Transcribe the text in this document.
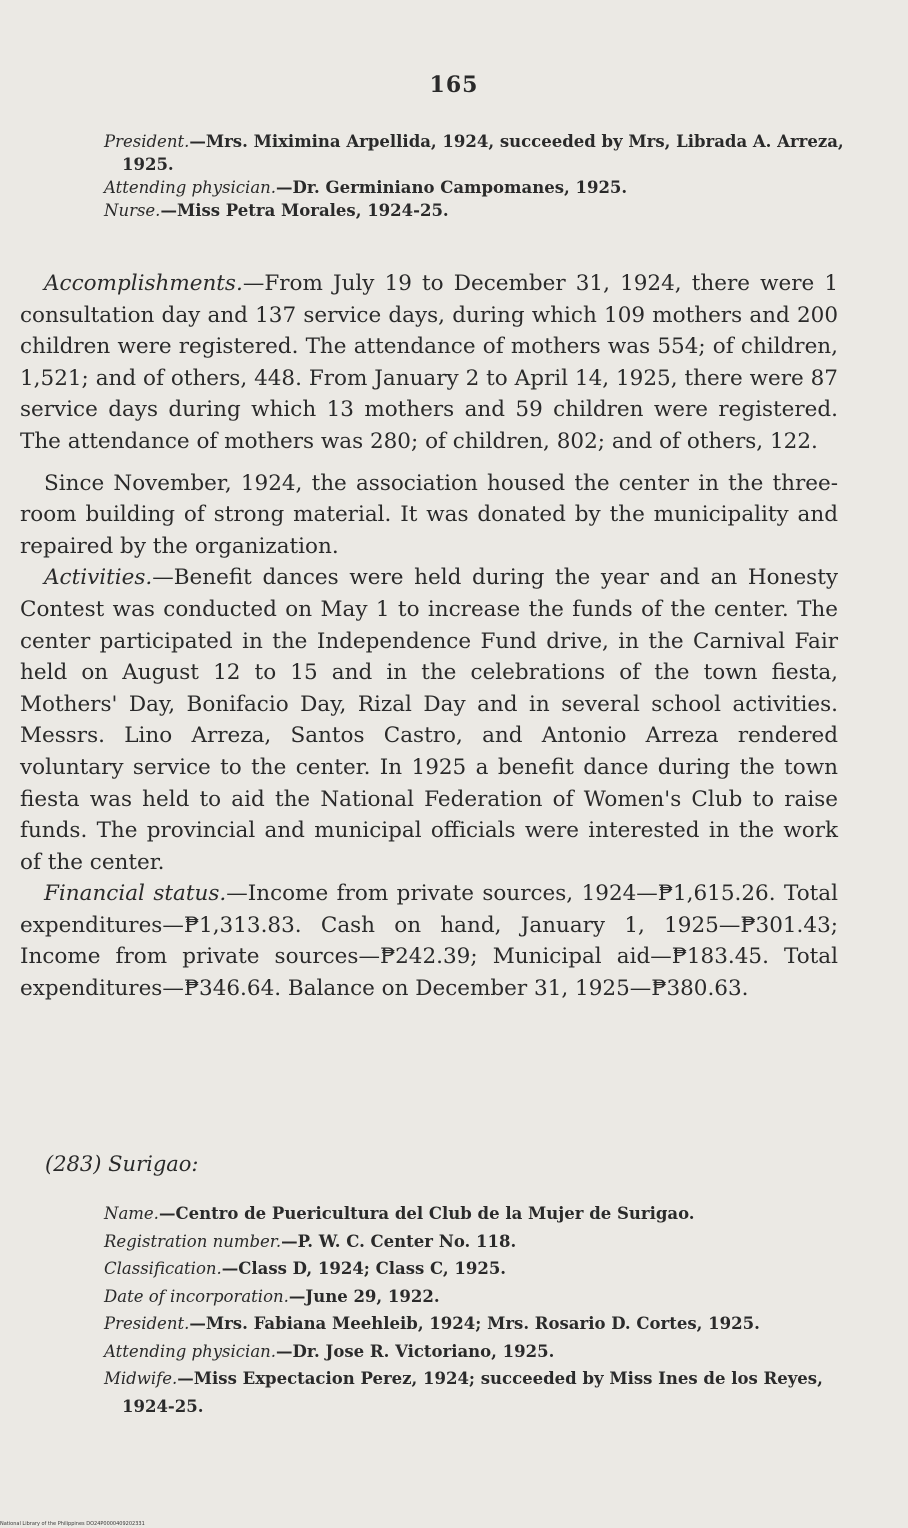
165

President.—Mrs. Miximina Arpellida, 1924, succeeded by Mrs, Librada A. Arreza, 1925.

Attending physician.—Dr. Germiniano Campomanes, 1925.

Nurse.—Miss Petra Morales, 1924-25.

Accomplishments.—From July 19 to December 31, 1924, there were 1 consultation day and 137 service days, during which 109 mothers and 200 children were registered. The attendance of mothers was 554; of children, 1,521; and of others, 448. From January 2 to April 14, 1925, there were 87 service days during which 13 mothers and 59 children were registered. The attendance of mothers was 280; of children, 802; and of others, 122.

Since November, 1924, the association housed the center in the three-room building of strong material. It was donated by the municipality and repaired by the organization.

Activities.—Benefit dances were held during the year and an Honesty Contest was conducted on May 1 to increase the funds of the center. The center participated in the Independence Fund drive, in the Carnival Fair held on August 12 to 15 and in the celebrations of the town fiesta, Mothers' Day, Bonifacio Day, Rizal Day and in several school activities. Messrs. Lino Arreza, Santos Castro, and Antonio Arreza rendered voluntary service to the center. In 1925 a benefit dance during the town fiesta was held to aid the National Federation of Women's Club to raise funds. The provincial and municipal officials were interested in the work of the center.

Financial status.—Income from private sources, 1924—₱1,615.26. Total expenditures—₱1,313.83. Cash on hand, January 1, 1925—₱301.43; Income from private sources—₱242.39; Municipal aid—₱183.45. Total expenditures—₱346.64. Balance on December 31, 1925—₱380.63.

(283) Surigao:

Name.—Centro de Puericultura del Club de la Mujer de Surigao.

Registration number.—P. W. C. Center No. 118.

Classification.—Class D, 1924; Class C, 1925.

Date of incorporation.—June 29, 1922.

President.—Mrs. Fabiana Meehleib, 1924; Mrs. Rosario D. Cortes, 1925.

Attending physician.—Dr. Jose R. Victoriano, 1925.

Midwife.—Miss Expectacion Perez, 1924; succeeded by Miss Ines de los Reyes, 1924-25.

National Library of the Philippines DO24P0000409202331
